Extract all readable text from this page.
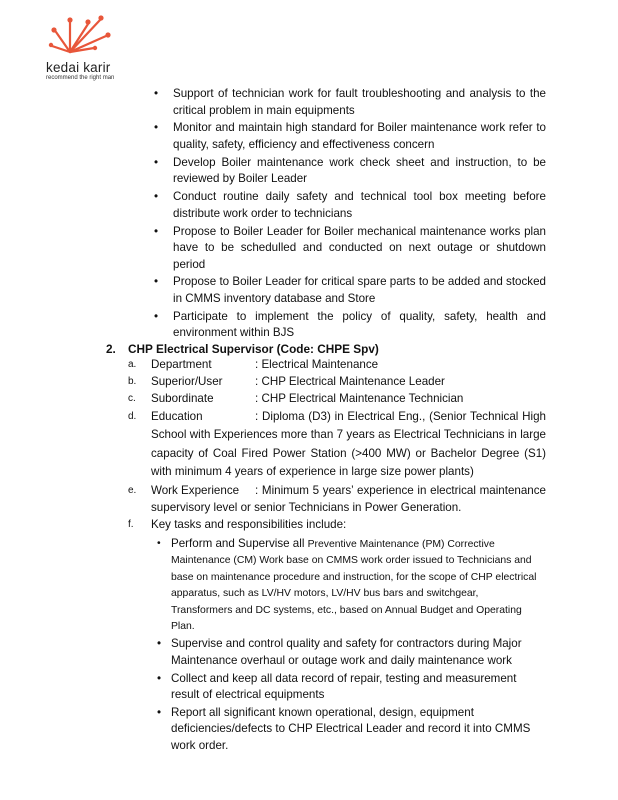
kedai karir
recommend the right man
• Support of technician work for fault troubleshooting and analysis to the critical problem in main equipments
• Monitor and maintain high standard for Boiler maintenance work refer to quality, safety, efficiency and effectiveness concern
• Develop Boiler maintenance work check sheet and instruction, to be reviewed by Boiler Leader
• Conduct routine daily safety and technical tool box meeting before distribute work order to technicians
• Propose to Boiler Leader for Boiler mechanical maintenance works plan have to be schedulled and conducted on next outage or shutdown period
• Propose to Boiler Leader for critical spare parts to be added and stocked in CMMS inventory database and Store
• Participate to implement the policy of quality, safety, health and environment within BJS
2. CHP Electrical Supervisor (Code: CHPE Spv)
a. Department	: Electrical Maintenance
b. Superior/User	: CHP Electrical Maintenance Leader
c. Subordinate	: CHP Electrical Maintenance Technician
d. Education	: Diploma (D3) in Electrical Eng., (Senior Technical High School with Experiences more than 7 years as Electrical Technicians in large capacity of Coal Fired Power Station (>400 MW) or Bachelor Degree (S1) with minimum 4 years of experience in large size power plants)
e. Work Experience : Minimum 5 years’ experience in electrical maintenance supervisory level or senior Technicians in Power Generation.
f. Key tasks and responsibilities include:
• Perform and Supervise all Preventive Maintenance (PM) Corrective Maintenance (CM) Work base on CMMS work order issued to Technicians and base on maintenance procedure and instruction, for the scope of CHP electrical apparatus, such as LV/HV motors, LV/HV bus bars and switchgear, Transformers and DC systems, etc., based on Annual Budget and Operating Plan.
• Supervise and control quality and safety for contractors during Major Maintenance overhaul or outage work and daily maintenance work
• Collect and keep all data record of repair, testing and measurement result of electrical equipments
• Report all significant known operational, design, equipment deficiencies/defects to CHP Electrical Leader and record it into CMMS work order.
